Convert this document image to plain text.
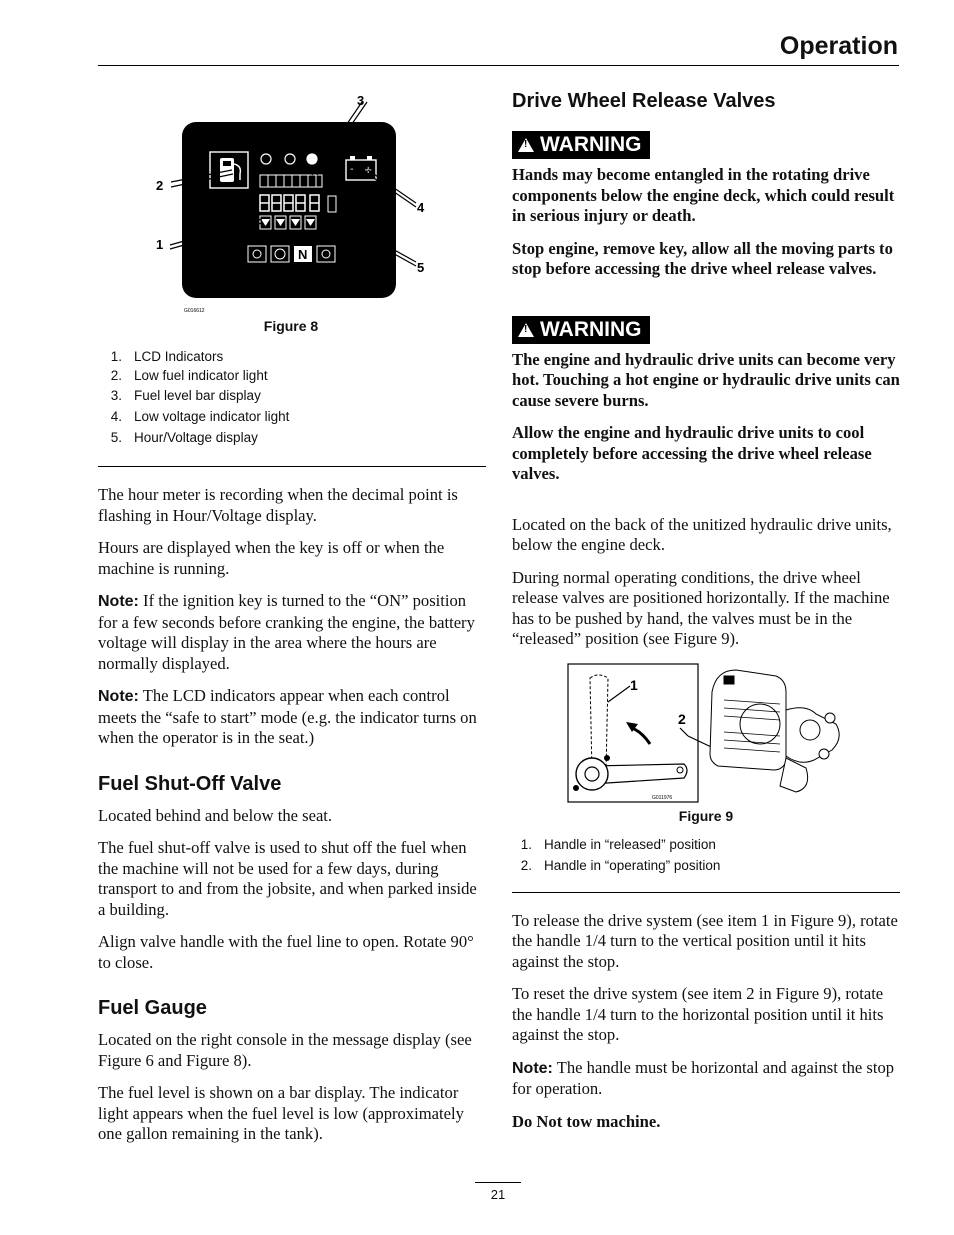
Operation
- +
N
3
2
4
1
5
G016612
Figure 8
1. LCD Indicators
2. Low fuel indicator light
3. Fuel level bar display
4. Low voltage indicator light
5. Hour/Voltage display

The hour meter is recording when the decimal point is flashing in Hour/Voltage display.

Hours are displayed when the key is off or when the machine is running.

Note: If the ignition key is turned to the “ON” position for a few seconds before cranking the engine, the battery voltage will display in the area where the hours are normally displayed.

Note: The LCD indicators appear when each control meets the “safe to start” mode (e.g. the indicator turns on when the operator is in the seat.)

Fuel Shut-Off Valve

Located behind and below the seat.

The fuel shut-off valve is used to shut off the fuel when the machine will not be used for a few days, during transport to and from the jobsite, and when parked inside a building.

Align valve handle with the fuel line to open. Rotate 90° to close.

Fuel Gauge

Located on the right console in the message display (see Figure 6 and Figure 8).

The fuel level is shown on a bar display. The indicator light appears when the fuel level is low (approximately one gallon remaining in the tank).

Drive Wheel Release Valves
!
WARNING

Hands may become entangled in the rotating drive components below the engine deck, which could result in serious injury or death.

Stop engine, remove key, allow all the moving parts to stop before accessing the drive wheel release valves.

!
WARNING

The engine and hydraulic drive units can become very hot. Touching a hot engine or hydraulic drive units can cause severe burns.

Allow the engine and hydraulic drive units to cool completely before accessing the drive wheel release valves.

Located on the back of the unitized hydraulic drive units, below the engine deck.

During normal operating conditions, the drive wheel release valves are positioned horizontally. If the machine has to be pushed by hand, the valves must be in the “released” position (see Figure 9).

1
2
G011976
Figure 9
1. Handle in “released” position
2. Handle in “operating” position

To release the drive system (see item 1 in Figure 9), rotate the handle 1/4 turn to the vertical position until it hits against the stop.

To reset the drive system (see item 2 in Figure 9), rotate the handle 1/4 turn to the horizontal position until it hits against the stop.

Note: The handle must be horizontal and against the stop for operation.

Do Not tow machine.

21
